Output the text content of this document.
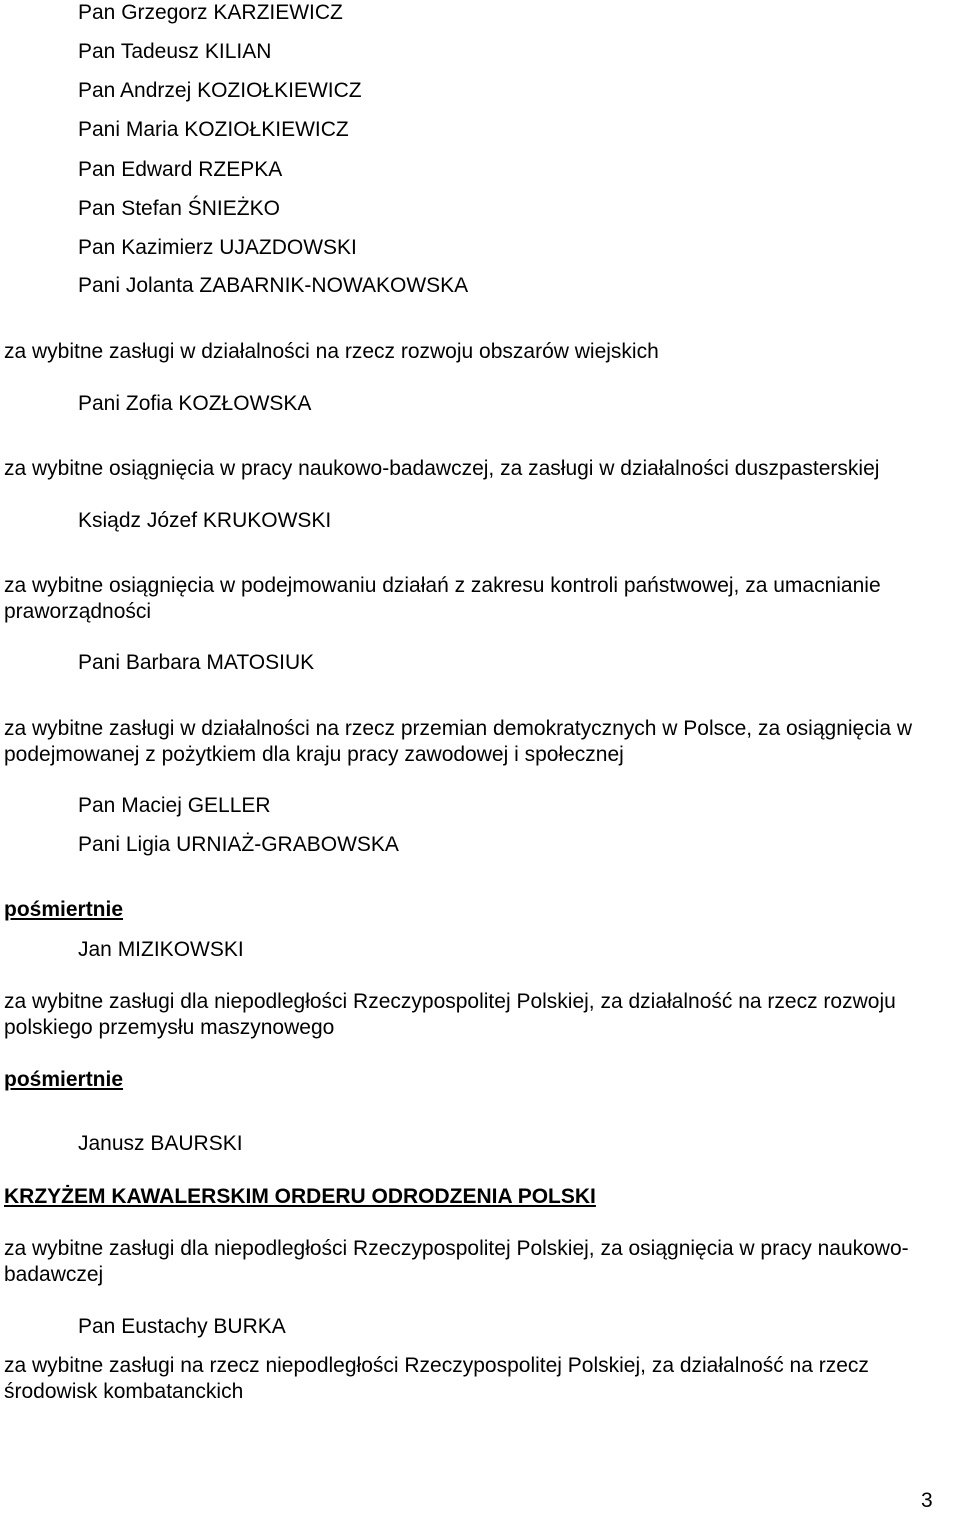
Pan Grzegorz KARZIEWICZ
Pan Tadeusz KILIAN
Pan Andrzej KOZIOŁKIEWICZ
Pani Maria KOZIOŁKIEWICZ
Pan Edward RZEPKA
Pan Stefan ŚNIEŻKO
Pan Kazimierz UJAZDOWSKI
Pani Jolanta ZABARNIK-NOWAKOWSKA
za wybitne zasługi w działalności na rzecz rozwoju obszarów wiejskich
Pani Zofia KOZŁOWSKA
za wybitne osiągnięcia w pracy naukowo-badawczej, za zasługi w działalności duszpasterskiej
Ksiądz Józef KRUKOWSKI
za wybitne osiągnięcia w podejmowaniu działań z zakresu kontroli państwowej, za umacnianie praworządności
Pani Barbara MATOSIUK
za wybitne zasługi w działalności na rzecz przemian demokratycznych w Polsce, za osiągnięcia w podejmowanej z pożytkiem dla kraju pracy zawodowej i społecznej
Pan Maciej GELLER
Pani Ligia URNIAŻ-GRABOWSKA
pośmiertnie
Jan MIZIKOWSKI
za wybitne zasługi dla niepodległości Rzeczypospolitej Polskiej, za działalność na rzecz rozwoju polskiego przemysłu maszynowego
pośmiertnie
Janusz BAURSKI
KRZYŻEM KAWALERSKIM ORDERU ODRODZENIA POLSKI
za wybitne zasługi dla niepodległości Rzeczypospolitej Polskiej, za osiągnięcia w pracy naukowo-badawczej
Pan Eustachy BURKA
za wybitne zasługi na rzecz niepodległości Rzeczypospolitej Polskiej, za działalność na rzecz środowisk kombatanckich
3
